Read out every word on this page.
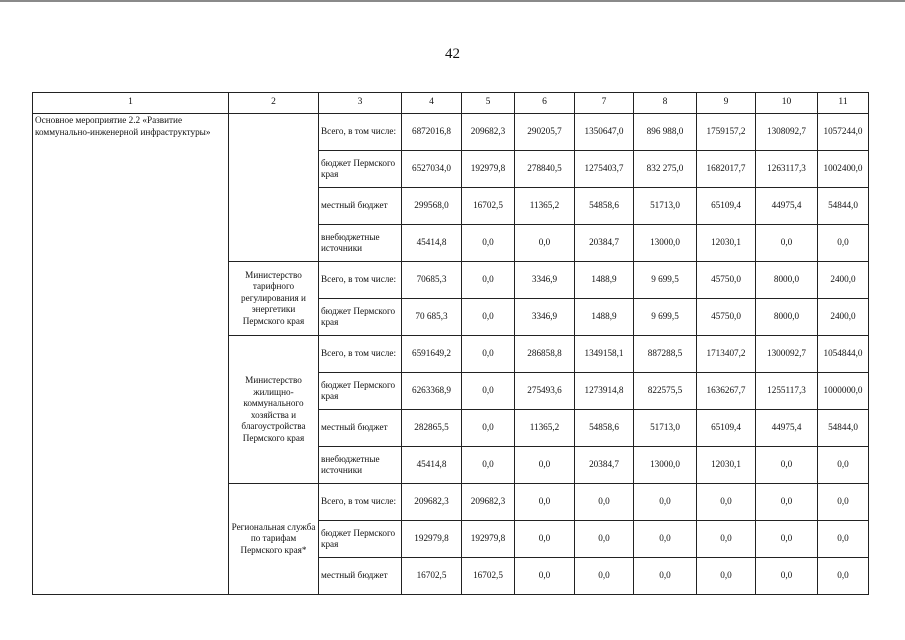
42
1	2	3	4	5	6	7	8	9	10	11
Основное мероприятие 2.2 «Развитие коммунально-инженерной инфраструктуры»		Всего, в том числе:	6872016,8	209682,3	290205,7	1350647,0	896 988,0	1759157,2	1308092,7	1057244,0
		бюджет Пермского края	6527034,0	192979,8	278840,5	1275403,7	832 275,0	1682017,7	1263117,3	1002400,0
		местный бюджет	299568,0	16702,5	11365,2	54858,6	51713,0	65109,4	44975,4	54844,0
		внебюджетные источники	45414,8	0,0	0,0	20384,7	13000,0	12030,1	0,0	0,0
	Министерство тарифного регулирования и энергетики Пермского края	Всего, в том числе:	70685,3	0,0	3346,9	1488,9	9 699,5	45750,0	8000,0	2400,0
		бюджет Пермского края	70 685,3	0,0	3346,9	1488,9	9 699,5	45750,0	8000,0	2400,0
	Министерство жилищно-коммунального хозяйства и благоустройства Пермского края	Всего, в том числе:	6591649,2	0,0	286858,8	1349158,1	887288,5	1713407,2	1300092,7	1054844,0
		бюджет Пермского края	6263368,9	0,0	275493,6	1273914,8	822575,5	1636267,7	1255117,3	1000000,0
		местный бюджет	282865,5	0,0	11365,2	54858,6	51713,0	65109,4	44975,4	54844,0
		внебюджетные источники	45414,8	0,0	0,0	20384,7	13000,0	12030,1	0,0	0,0
	Региональная служба по тарифам Пермского края*	Всего, в том числе:	209682,3	209682,3	0,0	0,0	0,0	0,0	0,0	0,0
		бюджет Пермского края	192979,8	192979,8	0,0	0,0	0,0	0,0	0,0	0,0
		местный бюджет	16702,5	16702,5	0,0	0,0	0,0	0,0	0,0	0,0
